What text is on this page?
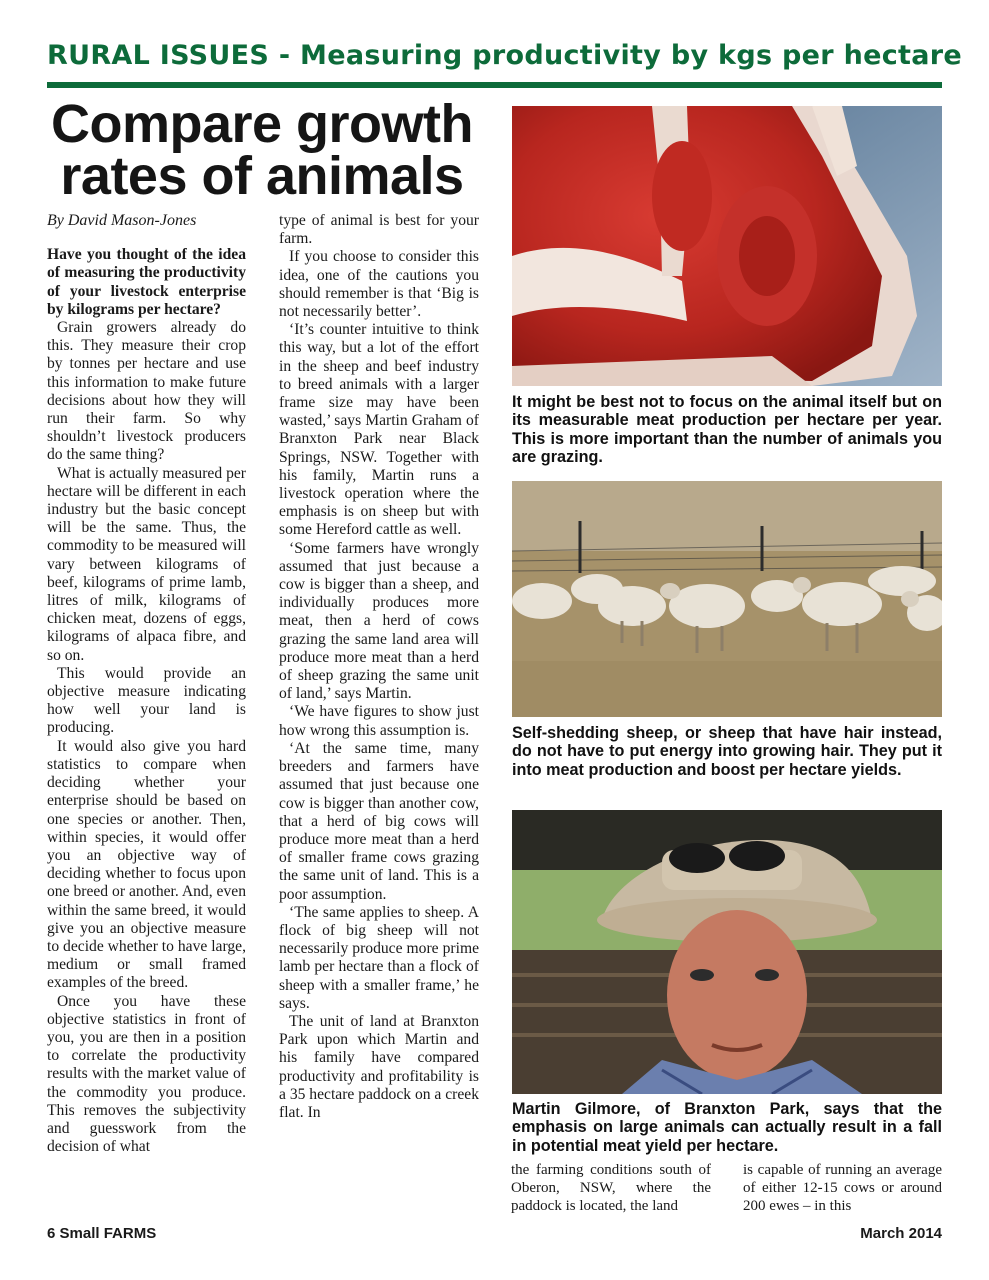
RURAL ISSUES - Measuring productivity by kgs per hectare
Compare growth
rates of animals

By David Mason-Jones

Have you thought of the idea of measuring the productivity of your livestock enterprise by kilograms per hectare?

Grain growers already do this. They measure their crop by tonnes per hectare and use this information to make future decisions about how they will run their farm. So why shouldn’t livestock producers do the same thing?

What is actually measured per hectare will be different in each industry but the basic concept will be the same. Thus, the commodity to be measured will vary between kilograms of beef, kilograms of prime lamb, litres of milk, kilograms of chicken meat, dozens of eggs, kilograms of alpaca fibre, and so on.

This would provide an objective measure indicating how well your land is producing.

It would also give you hard statistics to compare when deciding whether your enterprise should be based on one species or another. Then, within species, it would offer you an objective way of deciding whether to focus upon one breed or another. And, even within the same breed, it would give you an objective measure to decide whether to have large, medium or small framed examples of the breed.

Once you have these objective statistics in front of you, you are then in a position to correlate the productivity results with the market value of the commodity you produce. This removes the subjectivity and guesswork from the decision of what

type of animal is best for your farm.

If you choose to consider this idea, one of the cautions you should remember is that ‘Big is not necessarily better’.

‘It’s counter intuitive to think this way, but a lot of the effort in the sheep and beef industry to breed animals with a larger frame size may have been wasted,’ says Martin Graham of Branxton Park near Black Springs, NSW. Together with his family, Martin runs a livestock operation where the emphasis is on sheep but with some Hereford cattle as well.

‘Some farmers have wrongly assumed that just because a cow is bigger than a sheep, and individually produces more meat, then a herd of cows grazing the same land area will produce more meat than a herd of sheep grazing the same unit of land,’ says Martin.

‘We have figures to show just how wrong this assumption is.

‘At the same time, many breeders and farmers have assumed that just because one cow is bigger than another cow, that a herd of big cows will produce more meat than a herd of smaller frame cows grazing the same unit of land. This is a poor assumption.

‘The same applies to sheep. A flock of big sheep will not necessarily produce more prime lamb per hectare than a flock of sheep with a smaller frame,’ he says.

The unit of land at Branxton Park upon which Martin and his family have compared productivity and profitability is a 35 hectare paddock on a creek flat. In

It might be best not to focus on the animal itself but on its measurable meat production per hectare per year. This is more important than the number of animals you are grazing.
Self-shedding sheep, or sheep that have hair instead, do not have to put energy into growing hair. They put it into meat production and boost per hectare yields.
Martin Gilmore, of Branxton Park, says that the emphasis on large animals can actually result in a fall in potential meat yield per hectare.

the farming conditions south of Oberon, NSW, where the paddock is located, the land

is capable of running an average of either 12-15 cows or around 200 ewes – in this

6 Small FARMS	March 2014
